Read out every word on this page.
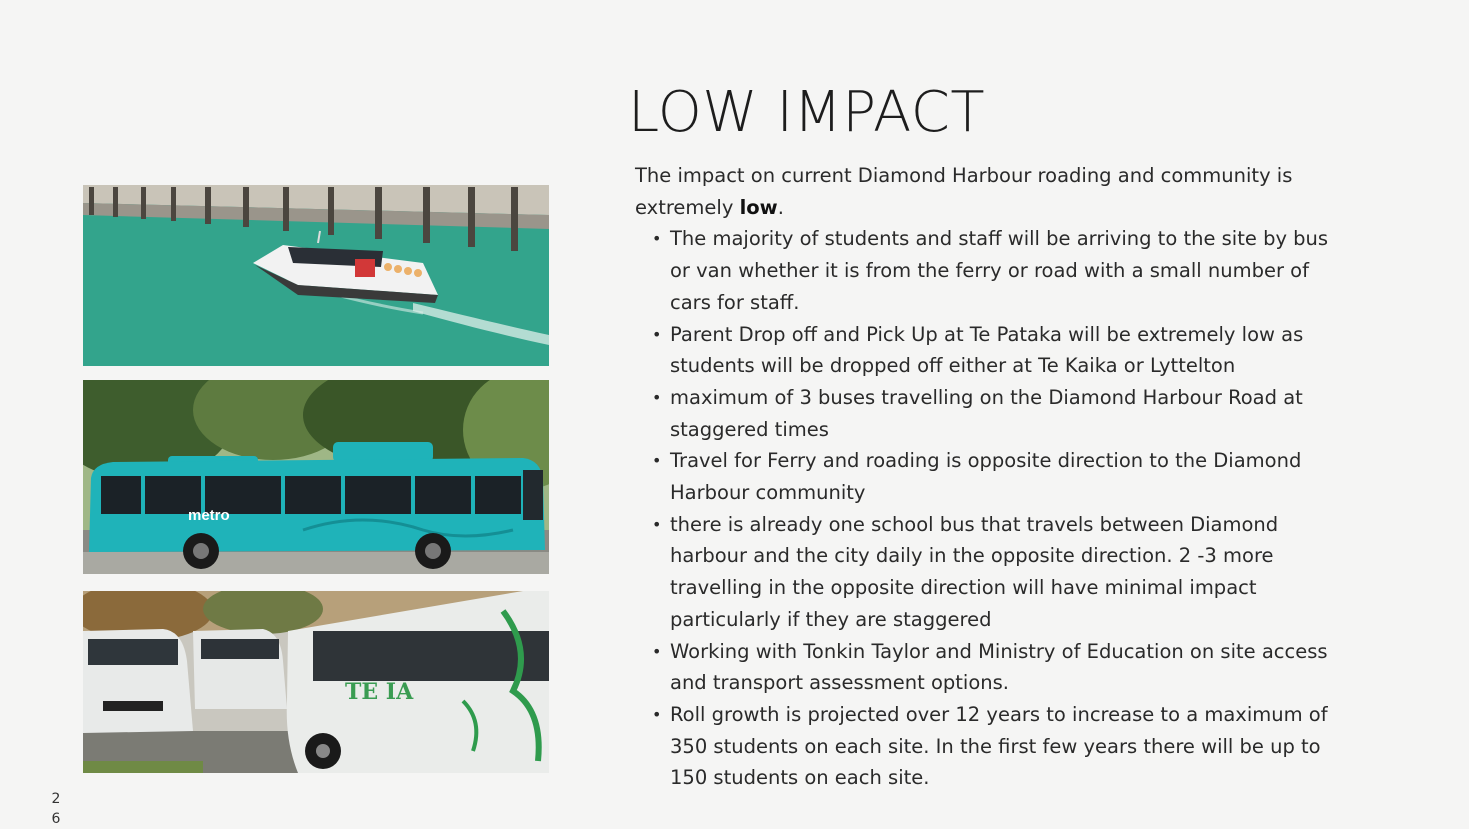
LOW IMPACT
metro
TE IA

The impact on current Diamond Harbour roading and community is extremely low.

• The majority of students and staff will be arriving to the site by bus or van whether it is from the ferry or road with a small number of cars for staff.
• Parent Drop off and Pick Up at Te Pataka will be extremely low as students will be dropped off either at Te Kaika or Lyttelton
• maximum of 3 buses travelling on the Diamond Harbour Road at staggered times
• Travel for Ferry and roading is opposite direction to the Diamond Harbour community
• there is already one school bus that travels between Diamond harbour and the city daily in the opposite direction. 2 -3 more travelling in the opposite direction will have minimal impact particularly if they are staggered
• Working with Tonkin Taylor and Ministry of Education on site access and transport assessment options.
• Roll growth is projected over 12 years to increase to a maximum of 350 students on each site. In the first few years there will be up to 150 students on each site.
2
6
